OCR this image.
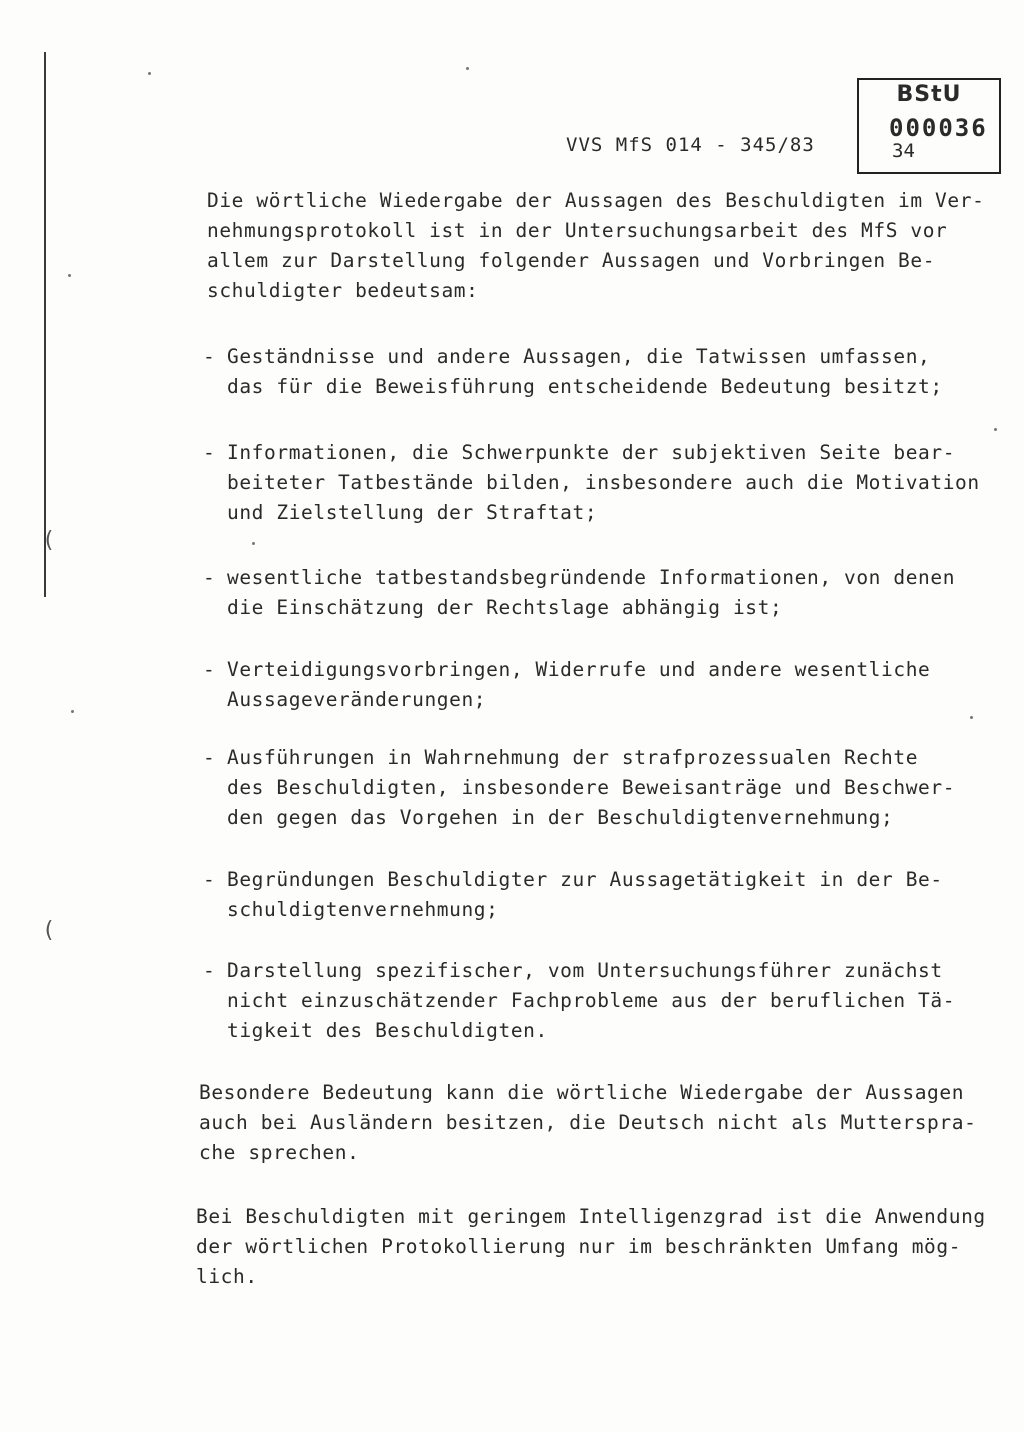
(
(
BStU
000036
VVS MfS 014 - 345/83	34

Die wörtliche Wiedergabe der Aussagen des Beschuldigten im Ver-
nehmungsprotokoll ist in der Untersuchungsarbeit des MfS vor
allem zur Darstellung folgender Aussagen und Vorbringen Be-
schuldigter bedeutsam:

- Geständnisse und andere Aussagen, die Tatwissen umfassen,
das für die Beweisführung entscheidende Bedeutung besitzt;
- Informationen, die Schwerpunkte der subjektiven Seite bear-
beiteter Tatbestände bilden, insbesondere auch die Motivation
und Zielstellung der Straftat;
- wesentliche tatbestandsbegründende Informationen, von denen
die Einschätzung der Rechtslage abhängig ist;
- Verteidigungsvorbringen, Widerrufe und andere wesentliche
Aussageveränderungen;
- Ausführungen in Wahrnehmung der strafprozessualen Rechte
des Beschuldigten, insbesondere Beweisanträge und Beschwer-
den gegen das Vorgehen in der Beschuldigtenvernehmung;
- Begründungen Beschuldigter zur Aussagetätigkeit in der Be-
schuldigtenvernehmung;
- Darstellung spezifischer, vom Untersuchungsführer zunächst
nicht einzuschätzender Fachprobleme aus der beruflichen Tä-
tigkeit des Beschuldigten.

Besondere Bedeutung kann die wörtliche Wiedergabe der Aussagen
auch bei Ausländern besitzen, die Deutsch nicht als Mutterspra-
che sprechen.

Bei Beschuldigten mit geringem Intelligenzgrad ist die Anwendung
der wörtlichen Protokollierung nur im beschränkten Umfang mög-
lich.
